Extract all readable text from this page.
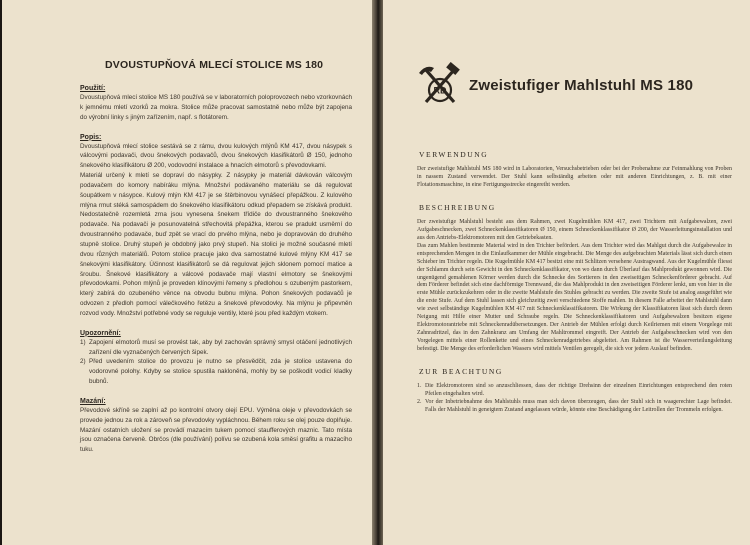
DVOUSTUPŇOVÁ MLECÍ STOLICE MS 180
Použití:
Dvoustupňová mlecí stolice MS 180 používá se v laboratorních poloprovozech nebo vzorkovnách k jemnému mletí vzorků za mokra. Stolice může pracovat samostatně nebo může být zapojena do výrobní linky s jiným zařízením, např. s flotátorem.
Popis:
Dvoustupňová mlecí stolice sestává se z rámu, dvou kulových mlýnů KM 417, dvou násypek s válcovými podavači, dvou šnekových podavačů, dvou šnekových klasifikátorů Ø 150, jednoho šnekového klasifikátoru Ø 200, vodovodní instalace a hnacích elmotorů s převodovkami.
Materiál určený k mletí se dopraví do násypky. Z násypky je materiál dávkován válcovým podavačem do komory nabíráku mlýna. Množství podávaného materiálu se dá regulovat šoupátkem v násypce. Kulový mlýn KM 417 je se štěrbinovou vynášecí přepážkou. Z kulového mlýna rmut stéká samospádem do šnekového klasifikátoru odkud přepadem se získává produkt. Nedostatečně rozemletá zrna jsou vynesena šnekem třídiče do dvoustranného šnekového podavače. Na podavači je posunovatelná střechovitá přepážka, kterou se pradukt usměrní do dvoustranného podavače, buď zpět se vrací do prvého mlýna, nebo je dopravován do druhého stupně stolice. Druhý stupeň je obdobný jako prvý stupeň. Na stolici je možné současné mletí dvou různých materiálů. Potom stolice pracuje jako dva samostatné kulové mlýny KM 417 se šnekovými klasifikátory. Účinnost klasifikátorů se dá regulovat jejich sklonem pomocí matice a šroubu. Šnekové klasifikátory a válcové podavače mají vlastní elmotory se šnekovými převodovkami. Pohon mlýnů je proveden klínovými řemeny s předlohou s ozubeným pastorkem, který zabírá do ozubeného věnce na obvodu bubnu mlýna. Pohon šnekových podavačů je odvozen z předloh pomocí válečkového řetězu a šnekové převodovky. Na mlýnu je připevněn rozvod vody. Množství potřebné vody se reguluje ventily, které jsou před každým vtokem.
Upozornění:
1) Zapojení elmotorů musí se provést tak, aby byl zachován správný smysl otáčení jednotlivých zařízení dle vyznačených červených šipek.
2) Před uvedením stolice do provozu je nutno se přesvědčit, zda je stolice ustavena do vodorovné polohy. Kdyby se stolice spustila nakloněná, mohly by se poškodit vodicí kladky bubnů.
Mazání:
Převodové skříně se zaplní až po kontrolní otvory olejí EPU. Výměna oleje v převodovkách se provede jednou za rok a zároveň se převodovky vypláchnou. Během roku se olej pouze doplňuje. Mazání ostatních uložení se provádí mazacím tukem pomocí staufferových maznic. Tato místa jsou označena červeně. Obrčos (dle používání) polívu se ozubená kola směsí grafitu a mazacího tuku.
RD Zweistufiger Mahlstuhl MS 180
VERWENDUNG
Der zweistufige Mahlstuhl MS 180 wird in Laboratorien, Versuchsbetrieben oder bei der Probenahme zur Feinmahlung von Proben in nassem Zustand verwendet. Der Stuhl kann selbständig arbeiten oder mit anderen Einrichtungen, z. B. mit einer Flotationsmaschine, in eine Fertigungsstrecke eingereiht werden.
BESCHREIBUNG
Der zweistufige Mahlstuhl besteht aus dem Rahmen, zwei Kugelmühlen KM 417, zwei Trichtern mit Aufgabewalzen, zwei Aufgabeschnecken, zwei Schneckenklassifikatoren Ø 150, einem Schneckenklassifikator Ø 200, der Wasserleitungsinstallation und aus den Antriebs-Elektromotoren mit den Getriebekasten.
Das zum Mahlen bestimmte Material wird in den Trichter befördert. Aus dem Trichter wird das Mahlgut durch die Aufgabewalze in entsprechenden Mengen in die Einlaufkammer der Mühle eingebracht. Die Menge des aufgebrachten Materials lässt sich durch einen Schieber im Trichter regeln. Die Kugelmühle KM 417 besitzt eine mit Schlitzen versehene Austragwand. Aus der Kugelmühle fliesst der Schlamm durch sein Gewicht in den Schneckenklassifikator, von wo dann durch Überlauf das Mahlprodukt gewonnen wird. Die ungenügend gemahlenen Körner werden durch die Schnecke des Sortierers in den zweiseitigen Schneckenförderer gebracht. Auf dem Förderer befindet sich eine dachförmige Trennwand, die das Mahlprodukt in den zweiseitigen Förderer lenkt, um von hier in die erste Mühle zurückzukehren oder in die zweite Mahlstufe des Stuhles gebracht zu werden. Die zweite Stufe ist analog ausgeführt wie die erste Stufe. Auf dem Stuhl lassen sich gleichzeitig zwei verschiedene Stoffe mahlen. In diesem Falle arbeitet der Mahlstuhl dann wie zwei selbständige Kugelmühlen KM 417 mit Schneckenklassifikatoren. Die Wirkung der Klassifikatoren lässt sich durch deren Neigung mit Hilfe einer Mutter und Schraube regeln. Die Schneckenklassifikatoren und Aufgabewalzen besitzen eigene Elektromotorantriebe mit Schneckenradübersetzungen. Der Antrieb der Mühlen erfolgt durch Keilriemen mit einem Vorgelege mit Zahnradritzel, das in den Zahnkranz am Umfang der Mahltrommel eingreift. Der Antrieb der Aufgabeschnecken wird von den Vorgelegen mittels einer Rollenkette und eines Schneckenradgetriebes abgeleitet. Am Rahmen ist die Wasserverteilungsleitung befestigt. Die Menge des erforderlichen Wassers wird mittels Ventilen geregelt, die sich vor jedem Auslauf befinden.
ZUR BEACHTUNG
1. Die Elektromotoren sind so anzuschliessen, dass der richtige Drehsinn der einzelnen Einrichtungen entsprechend den roten Pfeilen eingehalten wird.
2. Vor der Inbetriebnahme des Mahlstuhls muss man sich davon überzeugen, dass der Stuhl sich in waagerechter Lage befindet. Falls der Mahlstuhl in geneigtem Zustand angelassen würde, könnte eine Beschädigung der Leitrollen der Trommeln erfolgen.
